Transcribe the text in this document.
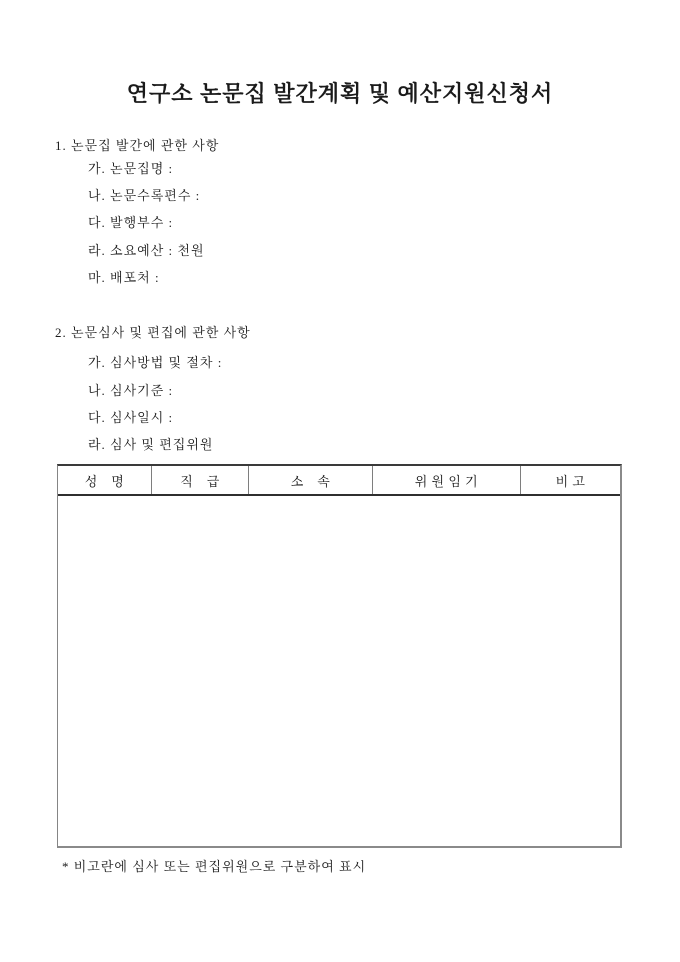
연구소 논문집 발간계획 및 예산지원신청서
1. 논문집 발간에 관한 사항
가. 논문집명 :
나. 논문수록편수 :
다. 발행부수 :
라. 소요예산 : 천원
마. 배포처 :
2. 논문심사 및 편집에 관한 사항
가. 심사방법 및 절차 :
나. 심사기준 :
다. 심사일시 :
라. 심사 및 편집위원
성　명	직　급	소　속	위 원 임 기	비 고
* 비고란에 심사 또는 편집위원으로 구분하여 표시
